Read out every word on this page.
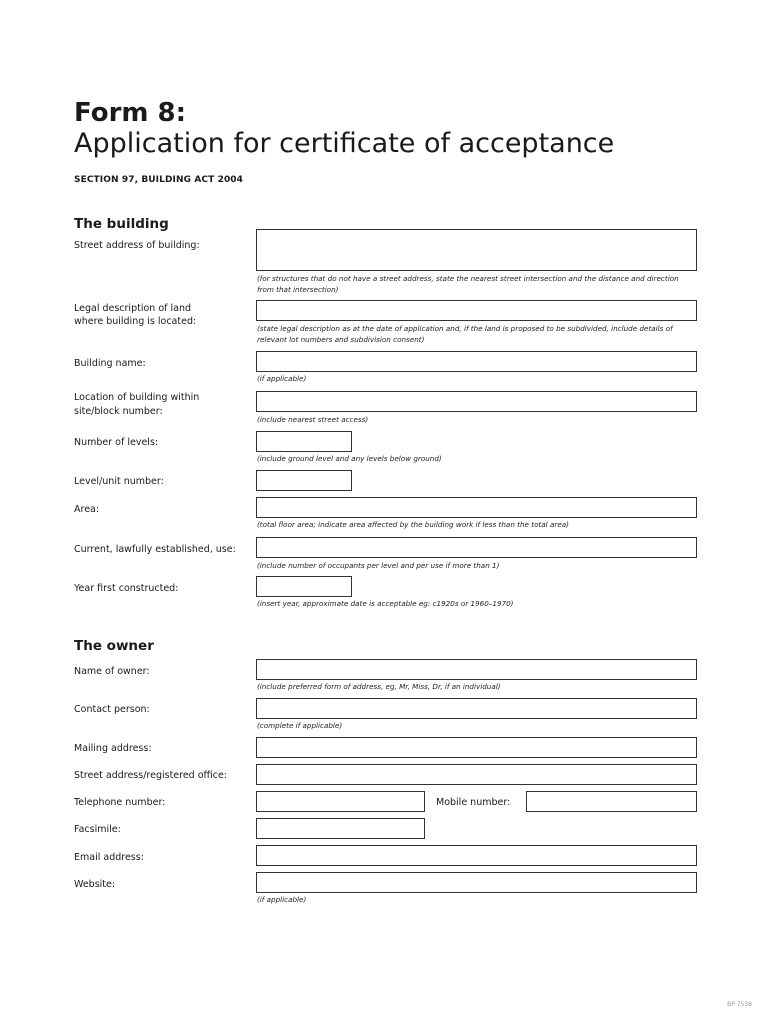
Form 8:
Application for certificate of acceptance
SECTION 97, BUILDING ACT 2004
The building
Street address of building:
(for structures that do not have a street address, state the nearest street intersection and the distance and direction from that intersection)
Legal description of land
where building is located:
(state legal description as at the date of application and, if the land is proposed to be subdivided, include details of relevant lot numbers and subdivision consent)
Building name:
(if applicable)
Location of building within
site/block number:
(include nearest street access)
Number of levels:
(include ground level and any levels below ground)
Level/unit number:
Area:
(total floor area; indicate area affected by the building work if less than the total area)
Current, lawfully established, use:
(include number of occupants per level and per use if more than 1)
Year first constructed:
(insert year, approximate date is acceptable eg: c1920s or 1960–1970)
The owner
Name of owner:
(include preferred form of address, eg, Mr, Miss, Dr, if an individual)
Contact person:
(complete if applicable)
Mailing address:
Street address/registered office:
Telephone number:	Mobile number:
Facsimile:
Email address:
Website:
(if applicable)
BP 7538
